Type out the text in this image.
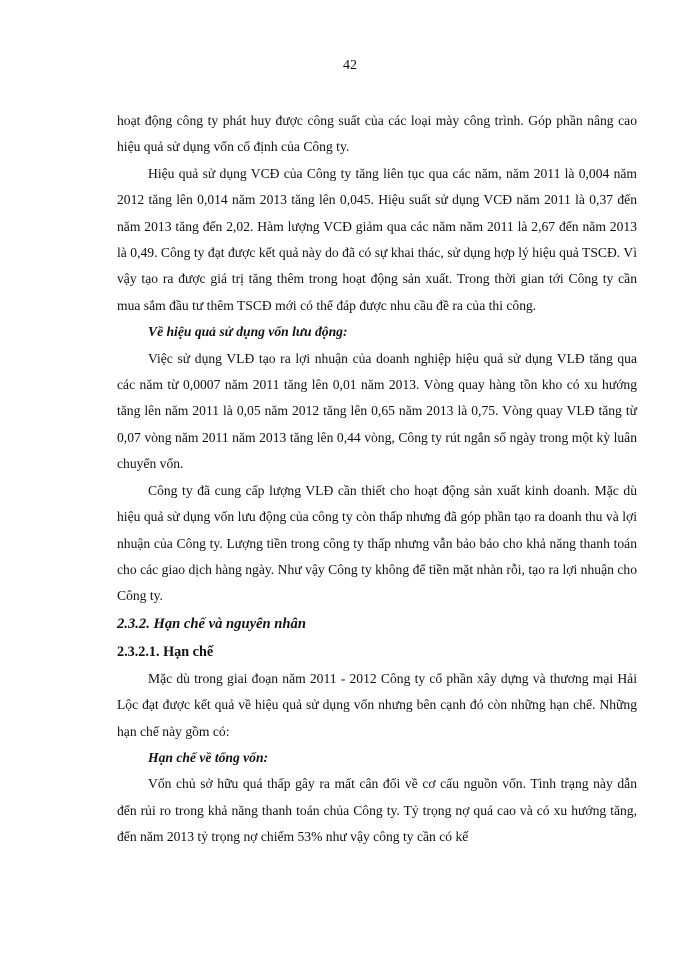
42

hoạt động công ty phát huy được công suất của các loại mày công trình. Góp phần nâng cao hiệu quả sử dụng vốn cố định của Công ty.

Hiệu quả sử dụng VCĐ của Công ty tăng liên tục qua các năm, năm 2011 là 0,004 năm 2012 tăng lên 0,014 năm 2013 tăng lên 0,045. Hiệu suất sử dụng VCĐ năm 2011 là 0,37 đến năm 2013 tăng đến 2,02. Hàm lượng VCĐ giảm qua các năm năm 2011 là 2,67 đến năm 2013 là 0,49. Công ty đạt được kết quả này do đã có sự khai thác, sử dụng hợp lý hiệu quả TSCĐ. Vì vậy tạo ra được giá trị tăng thêm trong hoạt động sản xuất. Trong thời gian tới Công ty cần mua sắm đầu tư thêm TSCĐ mới có thể đáp được nhu cầu đề ra của thi công.

Về hiệu quả sử dụng vốn lưu động:

Việc sử dụng VLĐ tạo ra lợi nhuận của doanh nghiệp hiệu quả sử dụng VLĐ tăng qua các năm từ 0,0007 năm 2011 tăng lên 0,01 năm 2013. Vòng quay hàng tồn kho có xu hướng tăng lên năm 2011 là 0,05 năm 2012 tăng lên 0,65 năm 2013 là 0,75. Vòng quay VLĐ tăng từ 0,07 vòng năm 2011 năm 2013 tăng lên 0,44 vòng, Công ty rút ngắn số ngày trong một kỳ luân chuyển vốn.

Công ty đã cung cấp lượng VLĐ cần thiết cho hoạt động sản xuất kinh doanh. Mặc dù hiệu quả sử dụng vốn lưu động của công ty còn thấp nhưng đã góp phần tạo ra doanh thu và lợi nhuận của Công ty. Lượng tiền trong công ty thấp nhưng vẫn bảo bảo cho khả năng thanh toán cho các giao dịch hàng ngày. Như vậy Công ty không để tiền mặt nhàn rỗi, tạo ra lợi nhuận cho Công ty.

2.3.2. Hạn chế và nguyên nhân

2.3.2.1. Hạn chế

Mặc dù trong giai đoạn năm 2011 - 2012 Công ty cổ phần xây dựng và thương mại Hải Lộc đạt được kết quả về hiệu quả sử dụng vốn nhưng bên cạnh đó còn những hạn chế. Những hạn chế này gồm có:

Hạn chế về tổng vốn:

Vốn chủ sở hữu quá thấp gây ra mất cân đối về cơ cấu nguồn vốn. Tình trạng này dẫn đến rủi ro trong khả năng thanh toán chủa Công ty. Tỷ trọng nợ quá cao và có xu hướng tăng, đến năm 2013 tỷ trọng nợ chiếm 53% như vậy công ty cần có kế
